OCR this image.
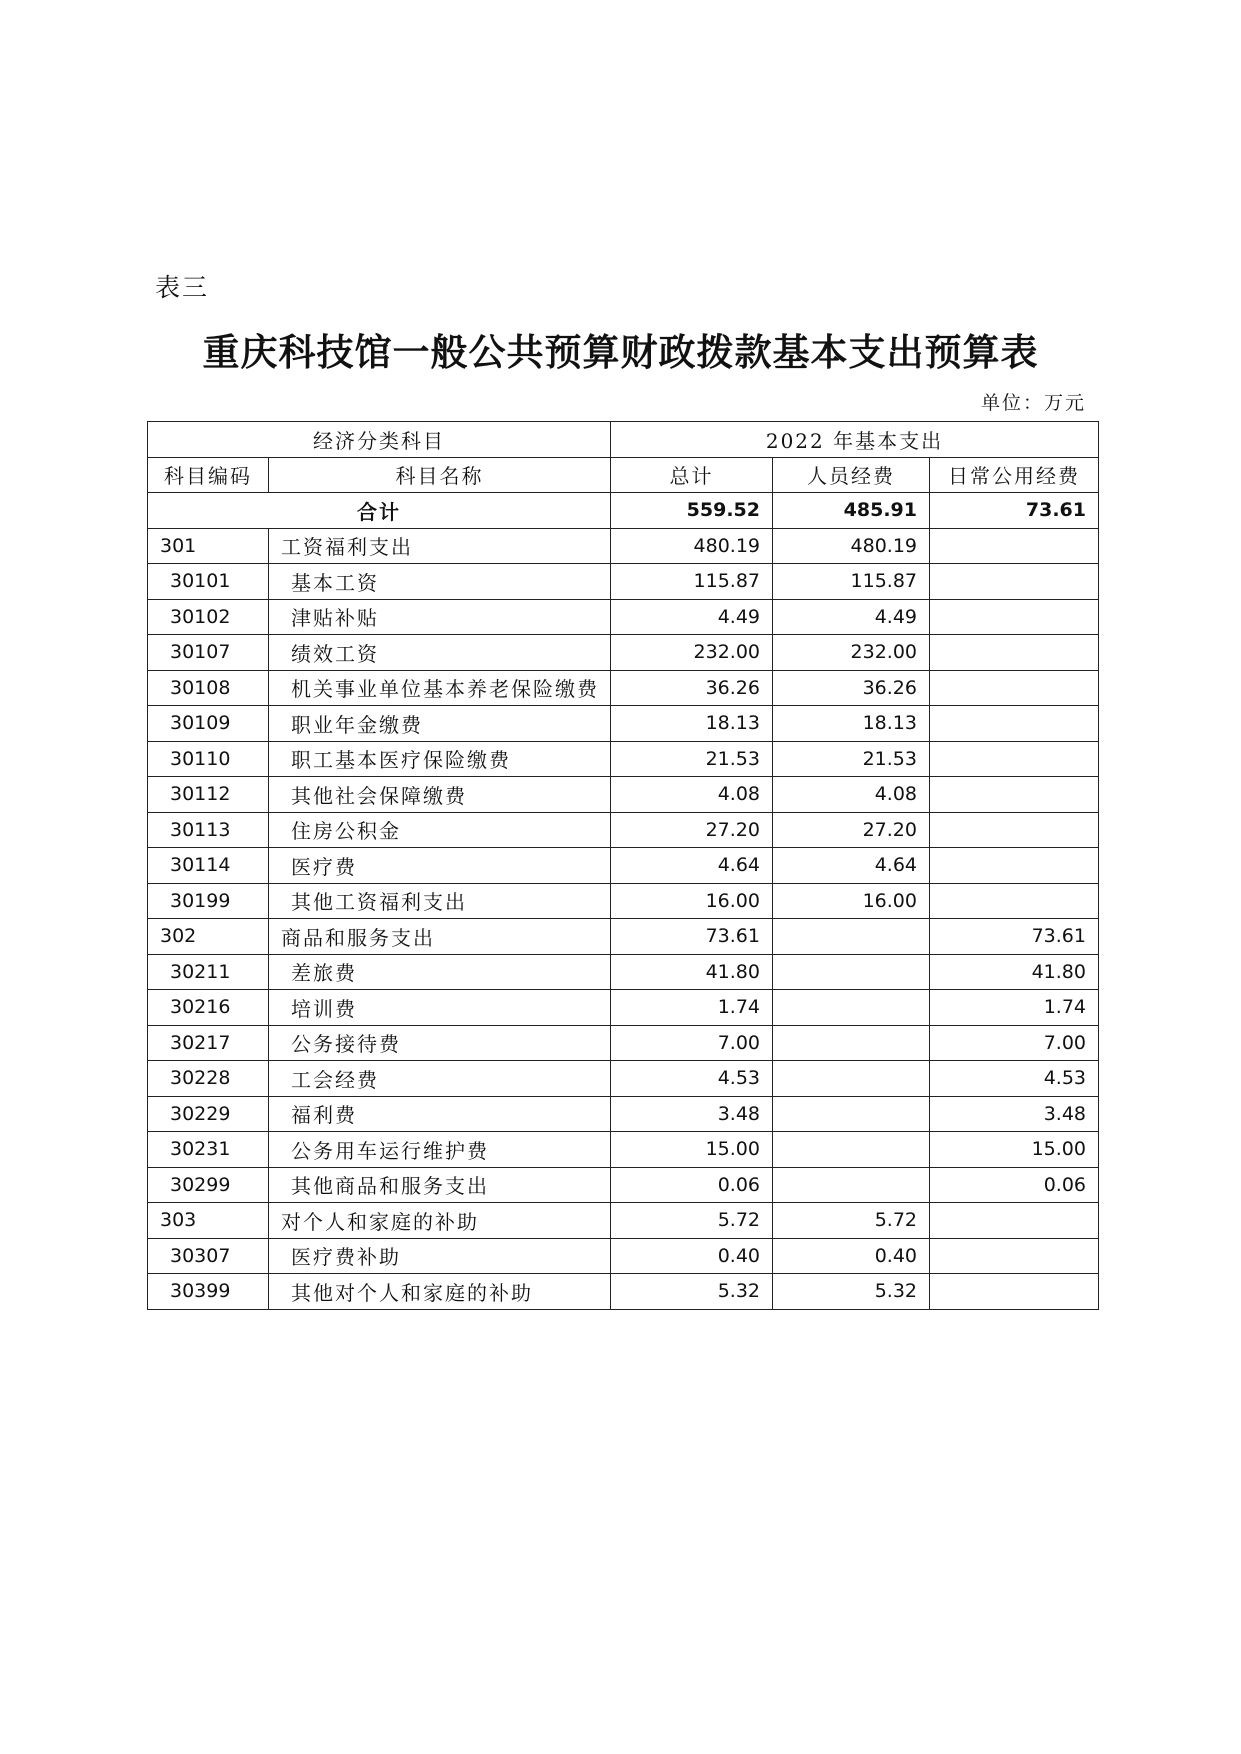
表三
重庆科技馆一般公共预算财政拨款基本支出预算表
单位：万元
经济分类科目		2022 年基本支出		
科目编码	科目名称	总计	人员经费	日常公用经费
合计		559.52	485.91	73.61
301	工资福利支出	480.19	480.19	
30101	基本工资	115.87	115.87	
30102	津贴补贴	4.49	4.49	
30107	绩效工资	232.00	232.00	
30108	机关事业单位基本养老保险缴费	36.26	36.26	
30109	职业年金缴费	18.13	18.13	
30110	职工基本医疗保险缴费	21.53	21.53	
30112	其他社会保障缴费	4.08	4.08	
30113	住房公积金	27.20	27.20	
30114	医疗费	4.64	4.64	
30199	其他工资福利支出	16.00	16.00	
302	商品和服务支出	73.61		73.61
30211	差旅费	41.80		41.80
30216	培训费	1.74		1.74
30217	公务接待费	7.00		7.00
30228	工会经费	4.53		4.53
30229	福利费	3.48		3.48
30231	公务用车运行维护费	15.00		15.00
30299	其他商品和服务支出	0.06		0.06
303	对个人和家庭的补助	5.72	5.72	
30307	医疗费补助	0.40	0.40	
30399	其他对个人和家庭的补助	5.32	5.32	
